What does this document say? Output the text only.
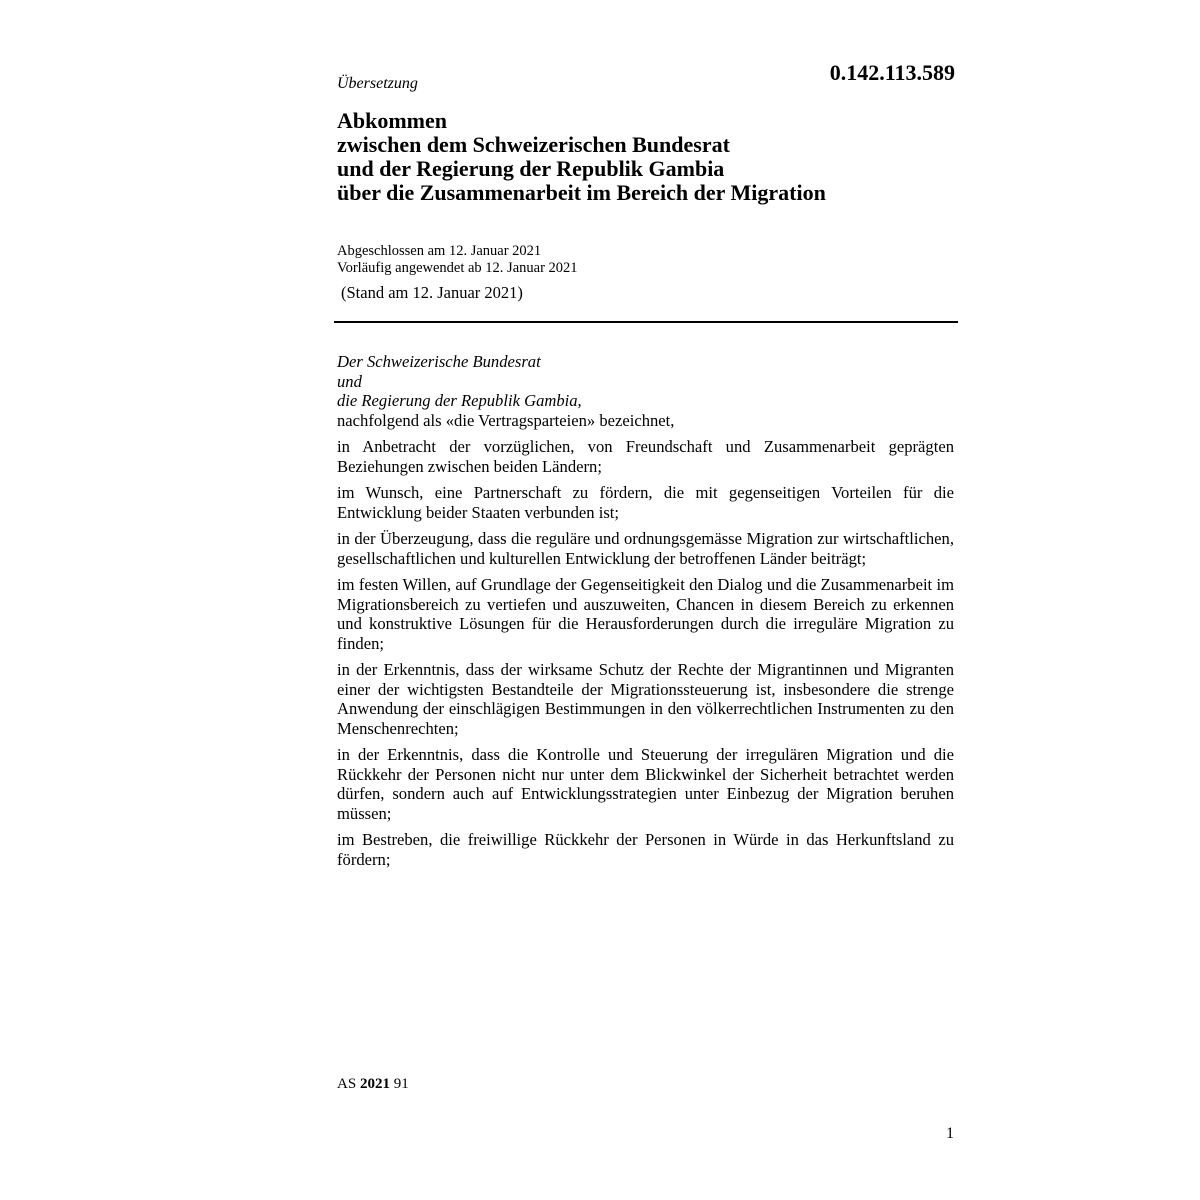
Übersetzung	0.142.113.589
Abkommen
zwischen dem Schweizerischen Bundesrat
und der Regierung der Republik Gambia
über die Zusammenarbeit im Bereich der Migration
Abgeschlossen am 12. Januar 2021
Vorläufig angewendet ab 12. Januar 2021
(Stand am 12. Januar 2021)
Der Schweizerische Bundesrat
und
die Regierung der Republik Gambia,
nachfolgend als «die Vertragsparteien» bezeichnet,

in Anbetracht der vorzüglichen, von Freundschaft und Zusammenarbeit geprägten Beziehungen zwischen beiden Ländern;

im Wunsch, eine Partnerschaft zu fördern, die mit gegenseitigen Vorteilen für die Entwicklung beider Staaten verbunden ist;

in der Überzeugung, dass die reguläre und ordnungsgemässe Migration zur wirtschaftlichen, gesellschaftlichen und kulturellen Entwicklung der betroffenen Länder beiträgt;

im festen Willen, auf Grundlage der Gegenseitigkeit den Dialog und die Zusammenarbeit im Migrationsbereich zu vertiefen und auszuweiten, Chancen in diesem Bereich zu erkennen und konstruktive Lösungen für die Herausforderungen durch die irreguläre Migration zu finden;

in der Erkenntnis, dass der wirksame Schutz der Rechte der Migrantinnen und Migranten einer der wichtigsten Bestandteile der Migrationssteuerung ist, insbesondere die strenge Anwendung der einschlägigen Bestimmungen in den völkerrechtlichen Instrumenten zu den Menschenrechten;

in der Erkenntnis, dass die Kontrolle und Steuerung der irregulären Migration und die Rückkehr der Personen nicht nur unter dem Blickwinkel der Sicherheit betrachtet werden dürfen, sondern auch auf Entwicklungsstrategien unter Einbezug der Migration beruhen müssen;

im Bestreben, die freiwillige Rückkehr der Personen in Würde in das Herkunftsland zu fördern;

AS 2021 91
1
